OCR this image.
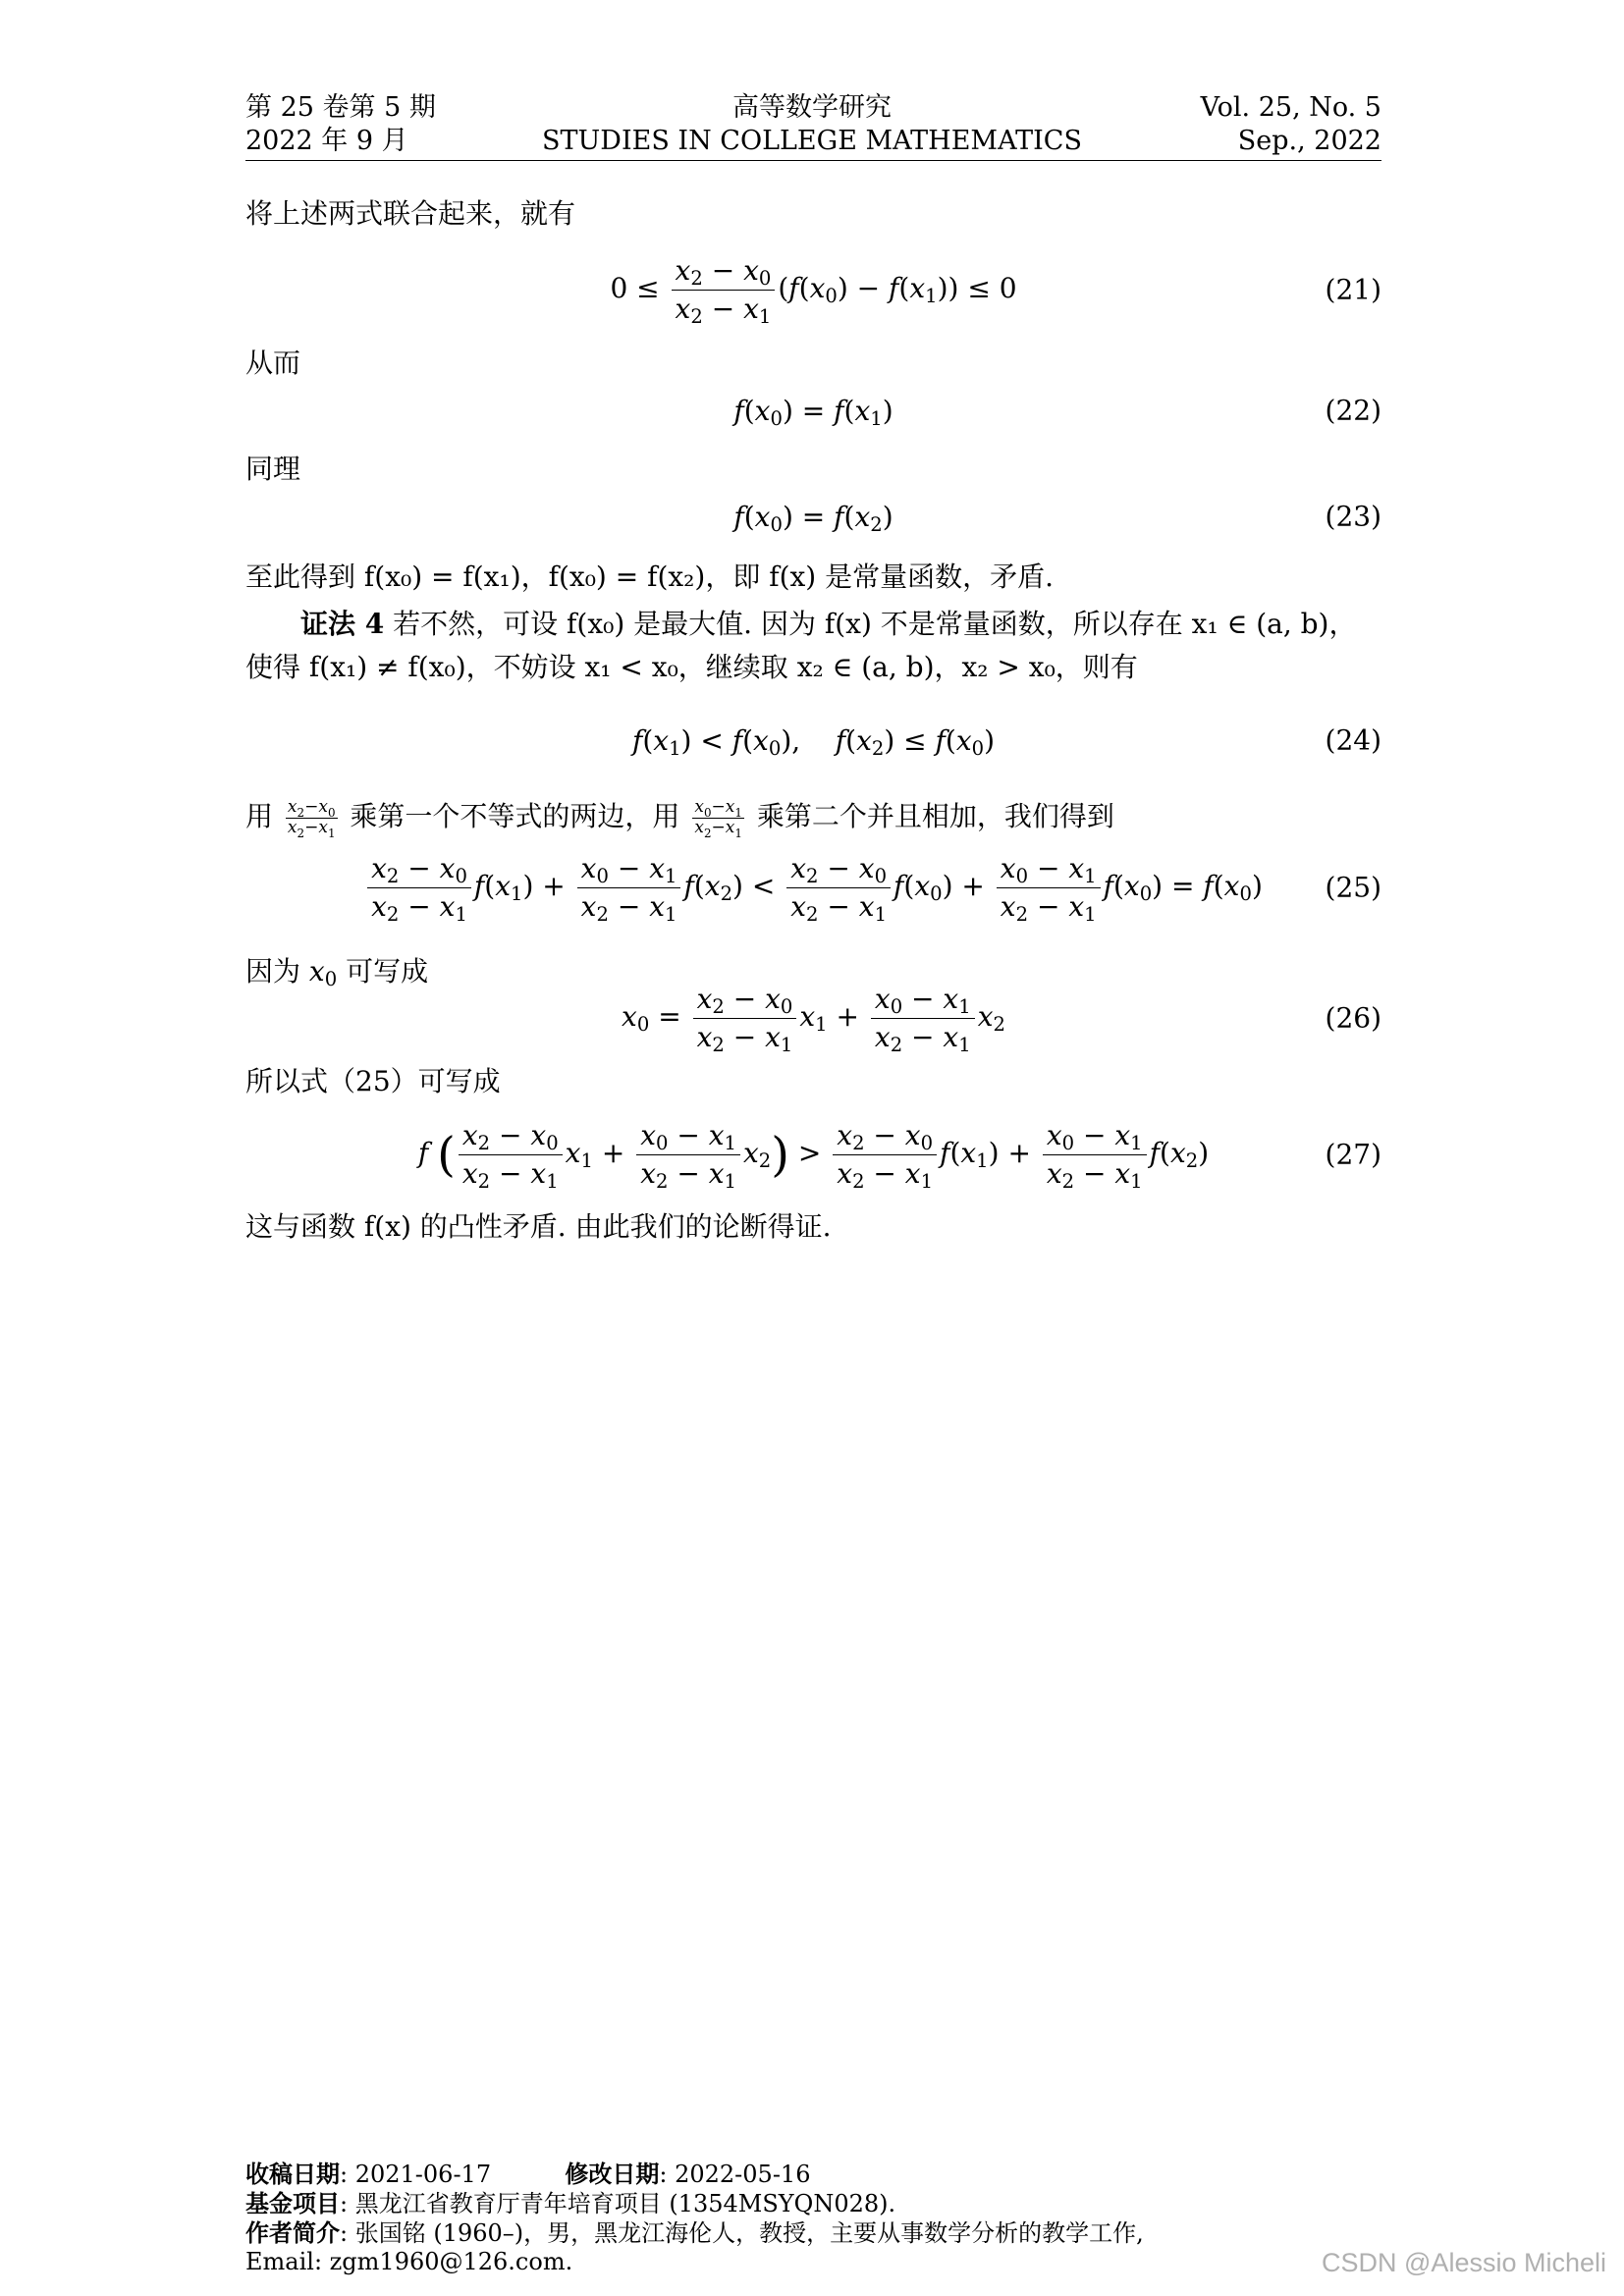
第 25 卷第 5 期
2022 年 9 月
高等数学研究
STUDIES IN COLLEGE MATHEMATICS
Vol. 25, No. 5
Sep., 2022
将上述两式联合起来，就有
$0 \le \frac{x_2 - x_0}{x_2 - x_1} (f(x_0) - f(x_1)) \le 0$	(21)
从而
$f(x_0) = f(x_1)$	(22)
同理
$f(x_0) = f(x_2)$	(23)
至此得到 f(x₀) = f(x₁)，f(x₀) = f(x₂)，即 f(x) 是常量函数，矛盾.
证法 4 若不然，可设 f(x₀) 是最大值. 因为 f(x) 不是常量函数，所以存在 x₁ ∈ (a, b)，使得 f(x₁) ≠ f(x₀)，不妨设 x₁ < x₀，继续取 x₂ ∈ (a, b)，x₂ > x₀，则有
$f(x_1) < f(x_0)$,    $f(x_2) \le f(x_0)$	(24)
用 $\frac{x_2-x_0}{x_2-x_1}$ 乘第一个不等式的两边，用 $\frac{x_0-x_1}{x_2-x_1}$ 乘第二个并且相加，我们得到
$\frac{x_2 - x_0}{x_2 - x_1} f(x_1) + \frac{x_0 - x_1}{x_2 - x_1} f(x_2) < \frac{x_2 - x_0}{x_2 - x_1} f(x_0) + \frac{x_0 - x_1}{x_2 - x_1} f(x_0) = f(x_0)$ (25)
因为 $x_0$ 可写成
$x_0 = \frac{x_2 - x_0}{x_2 - x_1} x_1 + \frac{x_0 - x_1}{x_2 - x_1} x_2$	(26)
所以式（25）可写成
f ( $\frac{x_2 - x_0}{x_2 - x_1} x_1 + \frac{x_0 - x_1}{x_2 - x_1} x_2) > \frac{x_2 - x_0}{x_2 - x_1} f(x_1) + \frac{x_0 - x_1}{x_2 - x_1} f(x_2)$	(27)
这与函数 f(x) 的凸性矛盾. 由此我们的论断得证.
收稿日期: 2021-06-17	修改日期: 2022-05-16
基金项目: 黑龙江省教育厅青年培育项目 (1354MSYQN028).
作者简介: 张国铭 (1960–)，男，黑龙江海伦人，教授，主要从事数学分析的教学工作,
Email: zgm1960@126.com.	CSDN @Alessio Micheli
